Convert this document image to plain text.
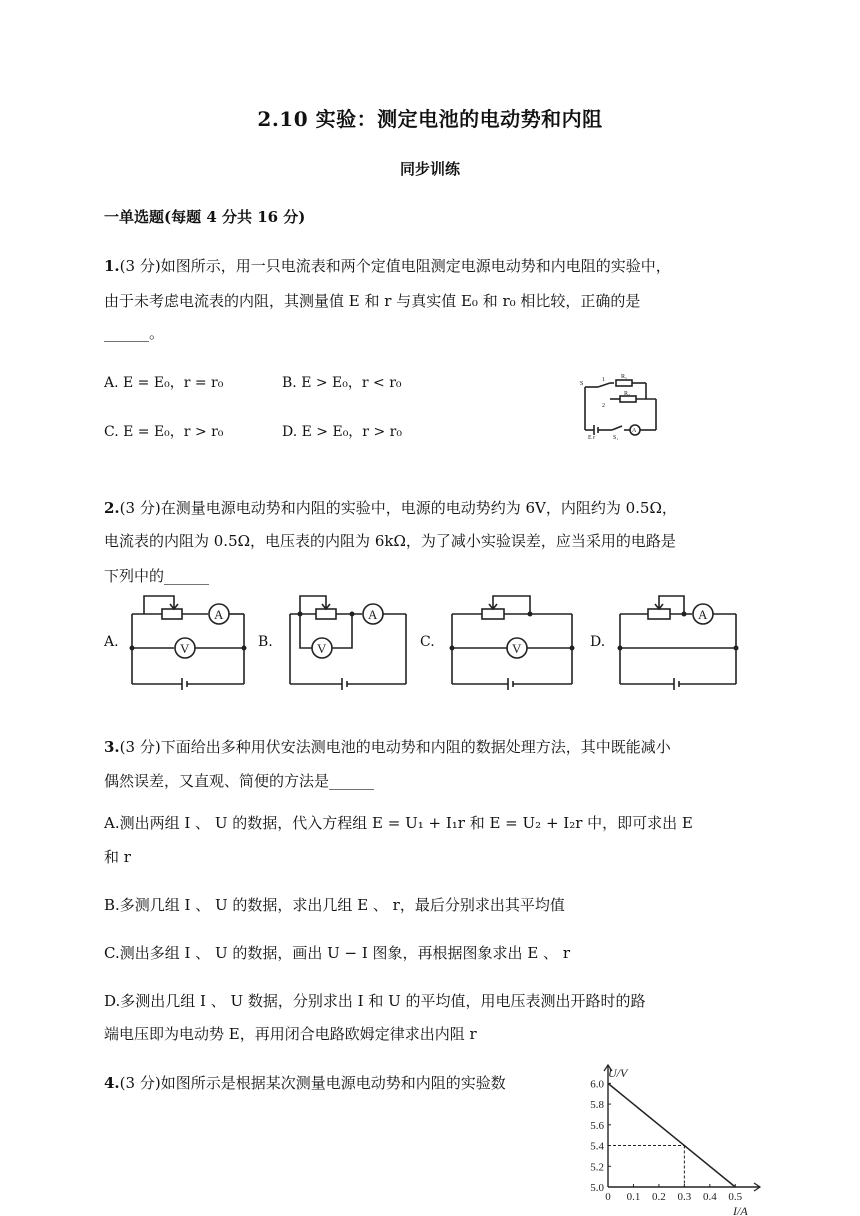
2.10 实验：测定电池的电动势和内阻
同步训练
一单选题(每题 4 分共 16 分)
1.(3 分)如图所示，用一只电流表和两个定值电阻测定电源电动势和内电阻的实验中，
由于未考虑电流表的内阻，其测量值 E 和 r 与真实值 E₀ 和 r₀ 相比较，正确的是
______。
A. E = E₀，r = r₀	B. E > E₀，r < r₀
C. E = E₀，r > r₀	D. E > E₀，r > r₀
S
1
2
R₁
R₂
E r	S₁
A
2.(3 分)在测量电源电动势和内阻的实验中，电源的电动势约为 6V，内阻约为 0.5Ω，
电流表的内阻为 0.5Ω，电压表的内阻为 6kΩ，为了减小实验误差，应当采用的电路是
下列中的______
A.
A
V	B.
A
V	C.	V	D.
A
3.(3 分)下面给出多种用伏安法测电池的电动势和内阻的数据处理方法，其中既能减小
偶然误差，又直观、简便的方法是______
A.测出两组 I 、 U 的数据，代入方程组 E = U₁ + I₁r 和 E = U₂ + I₂r 中，即可求出 E
和 r
B.多测几组 I 、 U 的数据，求出几组 E 、 r，最后分别求出其平均值
C.测出多组 I 、 U 的数据，画出 U − I 图象，再根据图象求出 E 、 r
D.多测出几组 I 、 U 数据，分别求出 I 和 U 的平均值，用电压表测出开路时的路
端电压即为电动势 E，再用闭合电路欧姆定律求出内阻 r
4.(3 分)如图所示是根据某次测量电源电动势和内阻的实验数
0 0.1 0.2 0.3 0.4 0.5
5.0
5.2
5.4
5.6
5.8
6.0
U/V
I/A
